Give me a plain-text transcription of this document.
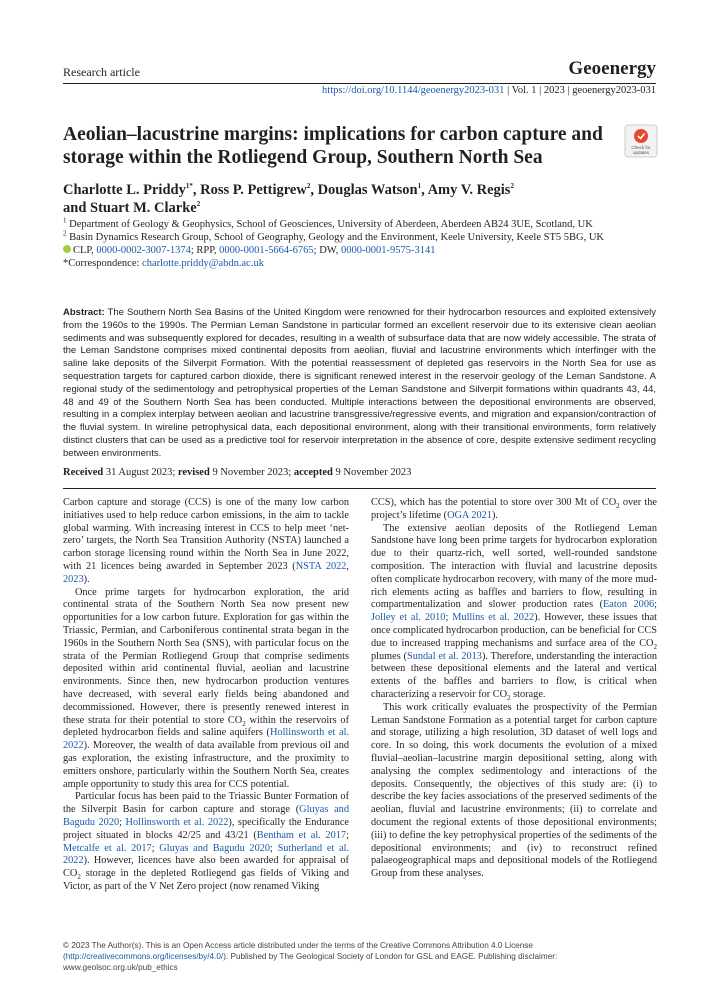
Research article	Geoenergy
https://doi.org/10.1144/geoenergy2023-031 | Vol. 1 | 2023 | geoenergy2023-031
Aeolian–lacustrine margins: implications for carbon capture and storage within the Rotliegend Group, Southern North Sea	Check for
updates
Charlotte L. Priddy$^{1*}$, Ross P. Pettigrew$^2$, Douglas Watson$^1$, Amy V. Regis$^2$
and Stuart M. Clarke$^2$
$^1$ Department of Geology & Geophysics, School of Geosciences, University of Aberdeen, Aberdeen AB24 3UE, Scotland, UK
$^2$ Basin Dynamics Research Group, School of Geography, Geology and the Environment, Keele University, Keele ST5 5BG, UK
CLP, 0000-0002-3007-1374; RPP, 0000-0001-5664-6765; DW, 0000-0001-9575-3141
*Correspondence: charlotte.priddy@abdn.ac.uk

Abstract: The Southern North Sea Basins of the United Kingdom were renowned for their hydrocarbon resources and exploited extensively from the 1960s to the 1990s. The Permian Leman Sandstone in particular formed an excellent reservoir due to its extensive clean aeolian sediments and was subsequently explored for decades, resulting in a wealth of subsurface data that are now widely accessible. The strata of the Leman Sandstone comprises mixed continental deposits from aeolian, fluvial and lacustrine environments which interfinger with the saline lake deposits of the Silverpit Formation. With the potential reassessment of depleted gas reservoirs in the North Sea for use as sequestration targets for captured carbon dioxide, there is significant renewed interest in the reservoir geology of the Leman Sandstone. A regional study of the sedimentology and petrophysical properties of the Leman Sandstone and Silverpit formations within quadrants 43, 44, 48 and 49 of the Southern North Sea has been conducted. Multiple interactions between the depositional environments are observed, resulting in a complex interplay between aeolian and lacustrine transgressive/regressive events, and migration and expansion/contraction of the fluvial system. In wireline petrophysical data, each depositional environment, along with their transitional environments, form relatively distinct clusters that can be used as a predictive tool for reservoir interpretation in the absence of core, despite extensive sediment recycling between environments.

Received 31 August 2023; revised 9 November 2023; accepted 9 November 2023

Carbon capture and storage (CCS) is one of the many low carbon initiatives used to help reduce carbon emissions, in the aim to tackle global warming. With increasing interest in CCS to help meet ‘net-zero’ targets, the North Sea Transition Authority (NSTA) launched a carbon storage licensing round within the North Sea in June 2022, with 21 licences being awarded in September 2023 (NSTA 2022, 2023).

Once prime targets for hydrocarbon exploration, the arid continental strata of the Southern North Sea now present new opportunities for a low carbon future. Exploration for gas within the Triassic, Permian, and Carboniferous continental strata began in the 1960s in the Southern North Sea (SNS), with particular focus on the strata of the Permian Rotliegend Group that comprise sediments deposited within arid continental fluvial, aeolian and lacustrine environments. Since then, new hydrocarbon production ventures have decreased, with several early fields being abandoned and decommissioned. However, there is presently renewed interest in these strata for their potential to store $CO_2$ within the reservoirs of depleted hydrocarbon fields and saline aquifers (Hollinsworth et al. 2022). Moreover, the wealth of data available from previous oil and gas exploration, the existing infrastructure, and the proximity to emitters onshore, particularly within the Southern North Sea, creates ample opportunity to study this area for CCS potential.

Particular focus has been paid to the Triassic Bunter Formation of the Silverpit Basin for carbon capture and storage (Gluyas and Bagudu 2020; Hollinsworth et al. 2022), specifically the Endurance project situated in blocks 42/25 and 43/21 (Bentham et al. 2017; Metcalfe et al. 2017; Gluyas and Bagudu 2020; Sutherland et al. 2022). However, licences have also been awarded for appraisal of $CO_2$ storage in the depleted Rotliegend gas fields of Viking and Victor, as part of the V Net Zero project (now renamed Viking

CCS), which has the potential to store over 300 Mt of $CO_2$ over the project’s lifetime (OGA 2021).

The extensive aeolian deposits of the Rotliegend Leman Sandstone have long been prime targets for hydrocarbon exploration due to their quartz-rich, well sorted, well-rounded sandstone composition. The interaction with fluvial and lacustrine deposits often complicate hydrocarbon recovery, with many of the more mud-rich elements acting as baffles and barriers to flow, resulting in compartmentalization and slower production rates (Eaton 2006; Jolley et al. 2010; Mullins et al. 2022). However, these issues that once complicated hydrocarbon production, can be beneficial for CCS due to increased trapping mechanisms and surface area of the $CO_2$ plumes (Sundal et al. 2013). Therefore, understanding the interaction between these depositional elements and the lateral and vertical extents of the baffles and barriers to flow, is critical when characterizing a reservoir for $CO_2$ storage.

This work critically evaluates the prospectivity of the Permian Leman Sandstone Formation as a potential target for carbon capture and storage, utilizing a high resolution, 3D dataset of well logs and core. In so doing, this work documents the evolution of a mixed fluvial–aeolian–lacustrine margin depositional setting, along with analysing the complex sedimentology and interactions of the deposits. Consequently, the objectives of this study are: (i) to describe the key facies associations of the preserved sediments of the aeolian, fluvial and lacustrine environments; (ii) to correlate and document the regional extents of those depositional environments; (iii) to define the key petrophysical properties of the sediments of the depositional environments; and (iv) to reconstruct refined palaeogeographical maps and depositional models of the Rotliegend Group from these analyses.

© 2023 The Author(s). This is an Open Access article distributed under the terms of the Creative Commons Attribution 4.0 License (http://creativecommons.org/licenses/by/4.0/). Published by The Geological Society of London for GSL and EAGE. Publishing disclaimer: www.geolsoc.org.uk/pub_ethics
